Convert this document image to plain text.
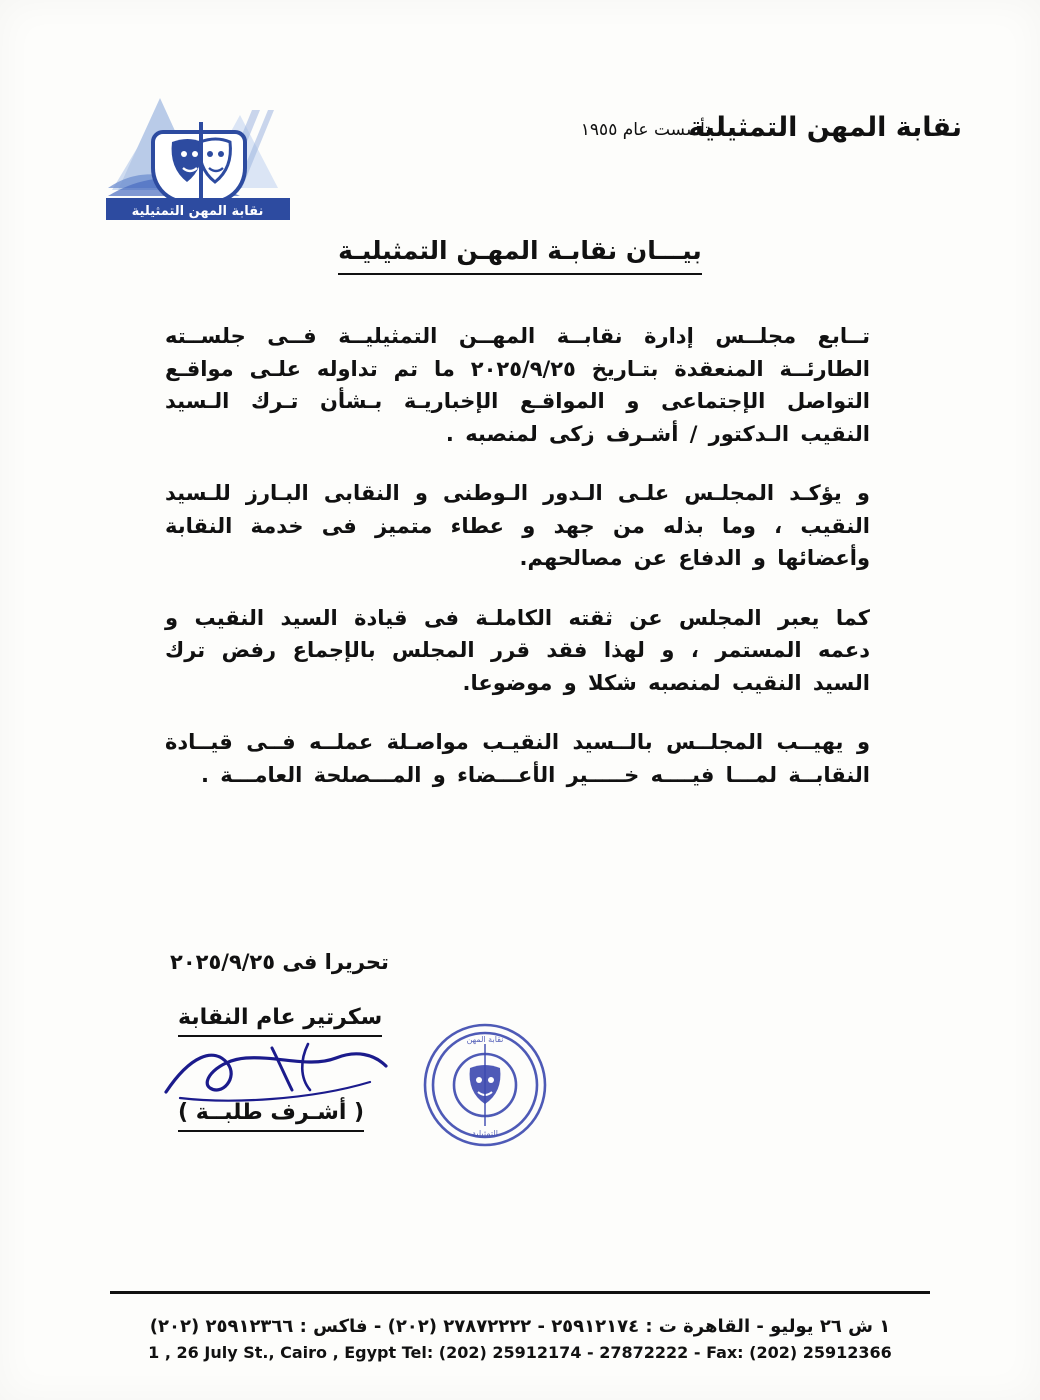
نقابة المهن التمثيلية
تأسست عام ١٩٥٥
نقابة المهن التمثيلية
بيـــان نقابـة المهـن التمثيليـة

تــابع مجلــس إدارة نقابــة المهــن التمثيليــة فــى جلســته الطارئــة المنعقدة بتـاريخ ٢٠٢٥/٩/٢٥ ما تم تداوله علـى مواقـع التواصل الإجتماعى و المواقـع الإخباريـة بـشأن تـرك الـسيد النقيب الـدكتور / أشـرف زكى لمنصبه .

و يؤكـد المجلـس علـى الـدور الـوطنى و النقابى البـارز للـسيد النقيب ، وما بذله من جهد و عطاء متميز فى خدمة النقابة وأعضائها و الدفاع عن مصالحهم.

كما يعبر المجلس عن ثقته الكاملـة فى قيادة السيد النقيب و دعمه المستمر ، و لهذا فقد قرر المجلس بالإجماع رفض ترك السيد النقيب لمنصبه شكلا و موضوعا.

و يهيــب المجلــس بالــسيد النقيـب مواصـلة عملــه فــى قيــادة النقابــة لمـــا فيــــه خـــــير الأعـــضاء و المـــصلحة العامـــة .

تحريرا فى ٢٠٢٥/٩/٢٥
سكرتير عام النقابة
( أشـرف طلبــة )
نقابة المهن
التمثيلية
١ ش ٢٦ يوليو - القاهرة ت : ٢٥٩١٢١٧٤ - ٢٧٨٧٢٢٢٢ (٢٠٢) - فاكس : ٢٥٩١٢٣٦٦ (٢٠٢)
1 , 26 July St., Cairo , Egypt Tel: (202) 25912174 - 27872222 - Fax: (202) 25912366
